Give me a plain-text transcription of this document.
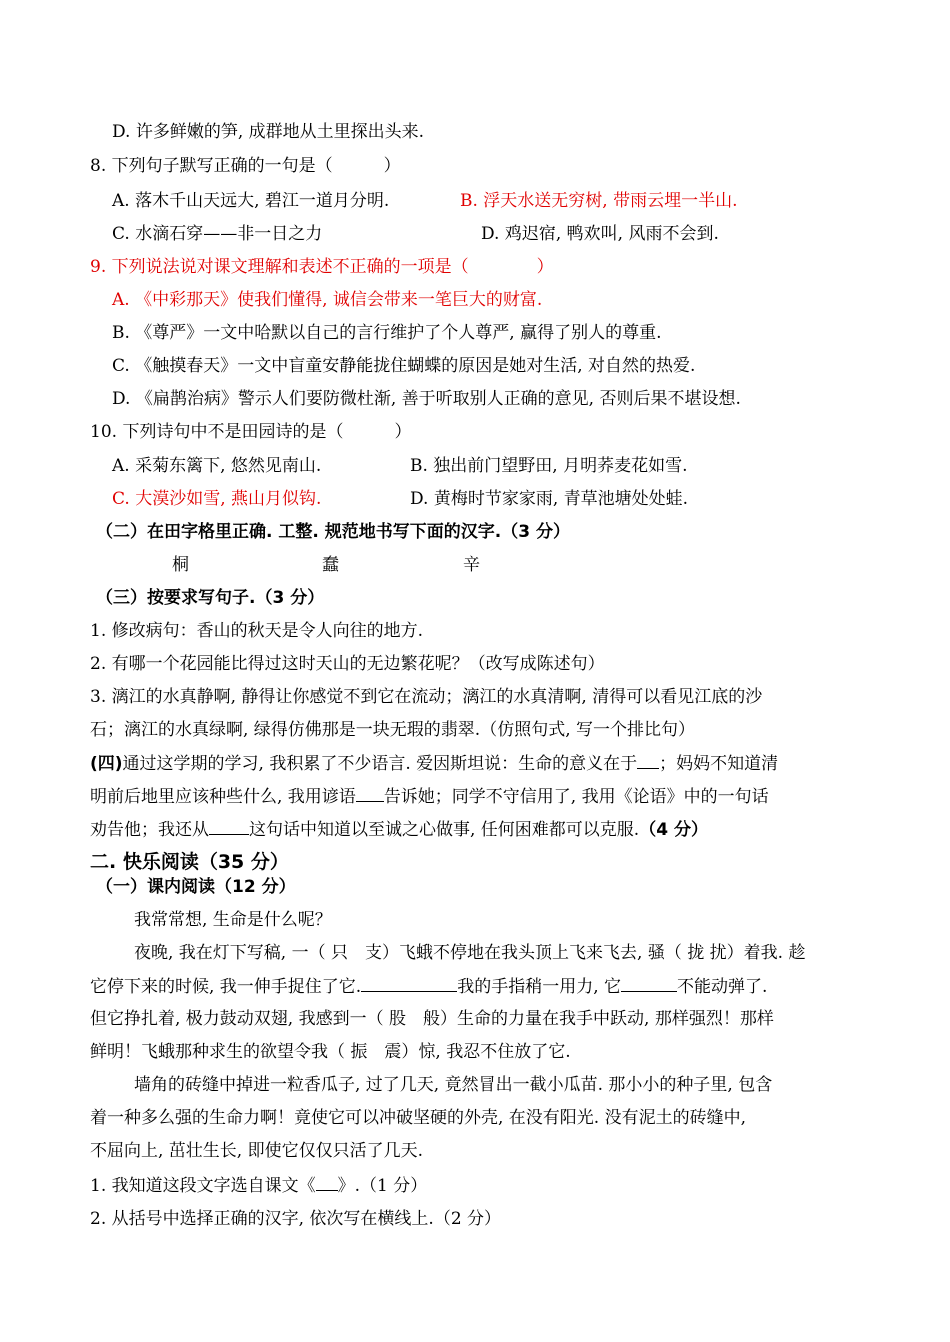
D. 许多鲜嫩的笋, 成群地从土里探出头来.
8. 下列句子默写正确的一句是（　　　）
A. 落木千山天远大, 碧江一道月分明.	B. 浮天水送无穷树, 带雨云埋一半山.
C. 水滴石穿——非一日之力	D. 鸡迟宿, 鸭欢叫, 风雨不会到.
9. 下列说法说对课文理解和表述不正确的一项是（　　　　）
A. 《中彩那天》使我们懂得, 诚信会带来一笔巨大的财富.
B. 《尊严》一文中哈默以自己的言行维护了个人尊严, 赢得了别人的尊重.
C. 《触摸春天》一文中盲童安静能拢住蝴蝶的原因是她对生活, 对自然的热爱.
D. 《扁鹊治病》警示人们要防微杜渐, 善于听取别人正确的意见, 否则后果不堪设想.
10. 下列诗句中不是田园诗的是（　　　）
A. 采菊东篱下, 悠然见南山.	B. 独出前门望野田, 月明荞麦花如雪.
C. 大漠沙如雪, 燕山月似钩.	D. 黄梅时节家家雨, 青草池塘处处蛙.
（二）在田字格里正确. 工整. 规范地书写下面的汉字.（3 分）
桐	蠢	辛
（三）按要求写句子.（3 分）
1. 修改病句：香山的秋天是令人向往的地方.
2. 有哪一个花园能比得过这时天山的无边繁花呢？（改写成陈述句）
3. 漓江的水真静啊, 静得让你感觉不到它在流动；漓江的水真清啊, 清得可以看见江底的沙
石；漓江的水真绿啊, 绿得仿佛那是一块无瑕的翡翠.（仿照句式, 写一个排比句）
(四)通过这学期的学习, 我积累了不少语言. 爱因斯坦说：生命的意义在于 ；妈妈不知道清
明前后地里应该种些什么, 我用谚语 告诉她；同学不守信用了, 我用《论语》中的一句话
劝告他；我还从 这句话中知道以至诚之心做事, 任何困难都可以克服.（4 分）
二. 快乐阅读（35 分）
（一）课内阅读（12 分）
我常常想, 生命是什么呢？
夜晚, 我在灯下写稿, 一（ 只　支）飞蛾不停地在我头顶上飞来飞去, 骚（ 拢 扰）着我. 趁
它停下来的时候, 我一伸手捉住了它.	我的手指稍一用力, 它	不能动弹了.
但它挣扎着, 极力鼓动双翅, 我感到一（ 股　般）生命的力量在我手中跃动, 那样强烈！那样
鲜明！飞蛾那种求生的欲望令我（ 振　震）惊, 我忍不住放了它.
墙角的砖缝中掉进一粒香瓜子, 过了几天, 竟然冒出一截小瓜苗. 那小小的种子里, 包含
着一种多么强的生命力啊！竟使它可以冲破坚硬的外壳, 在没有阳光. 没有泥土的砖缝中,
不屈向上, 茁壮生长, 即使它仅仅只活了几天.
1. 我知道这段文字选自课文《 》.（1 分）
2. 从括号中选择正确的汉字, 依次写在横线上.（2 分）
